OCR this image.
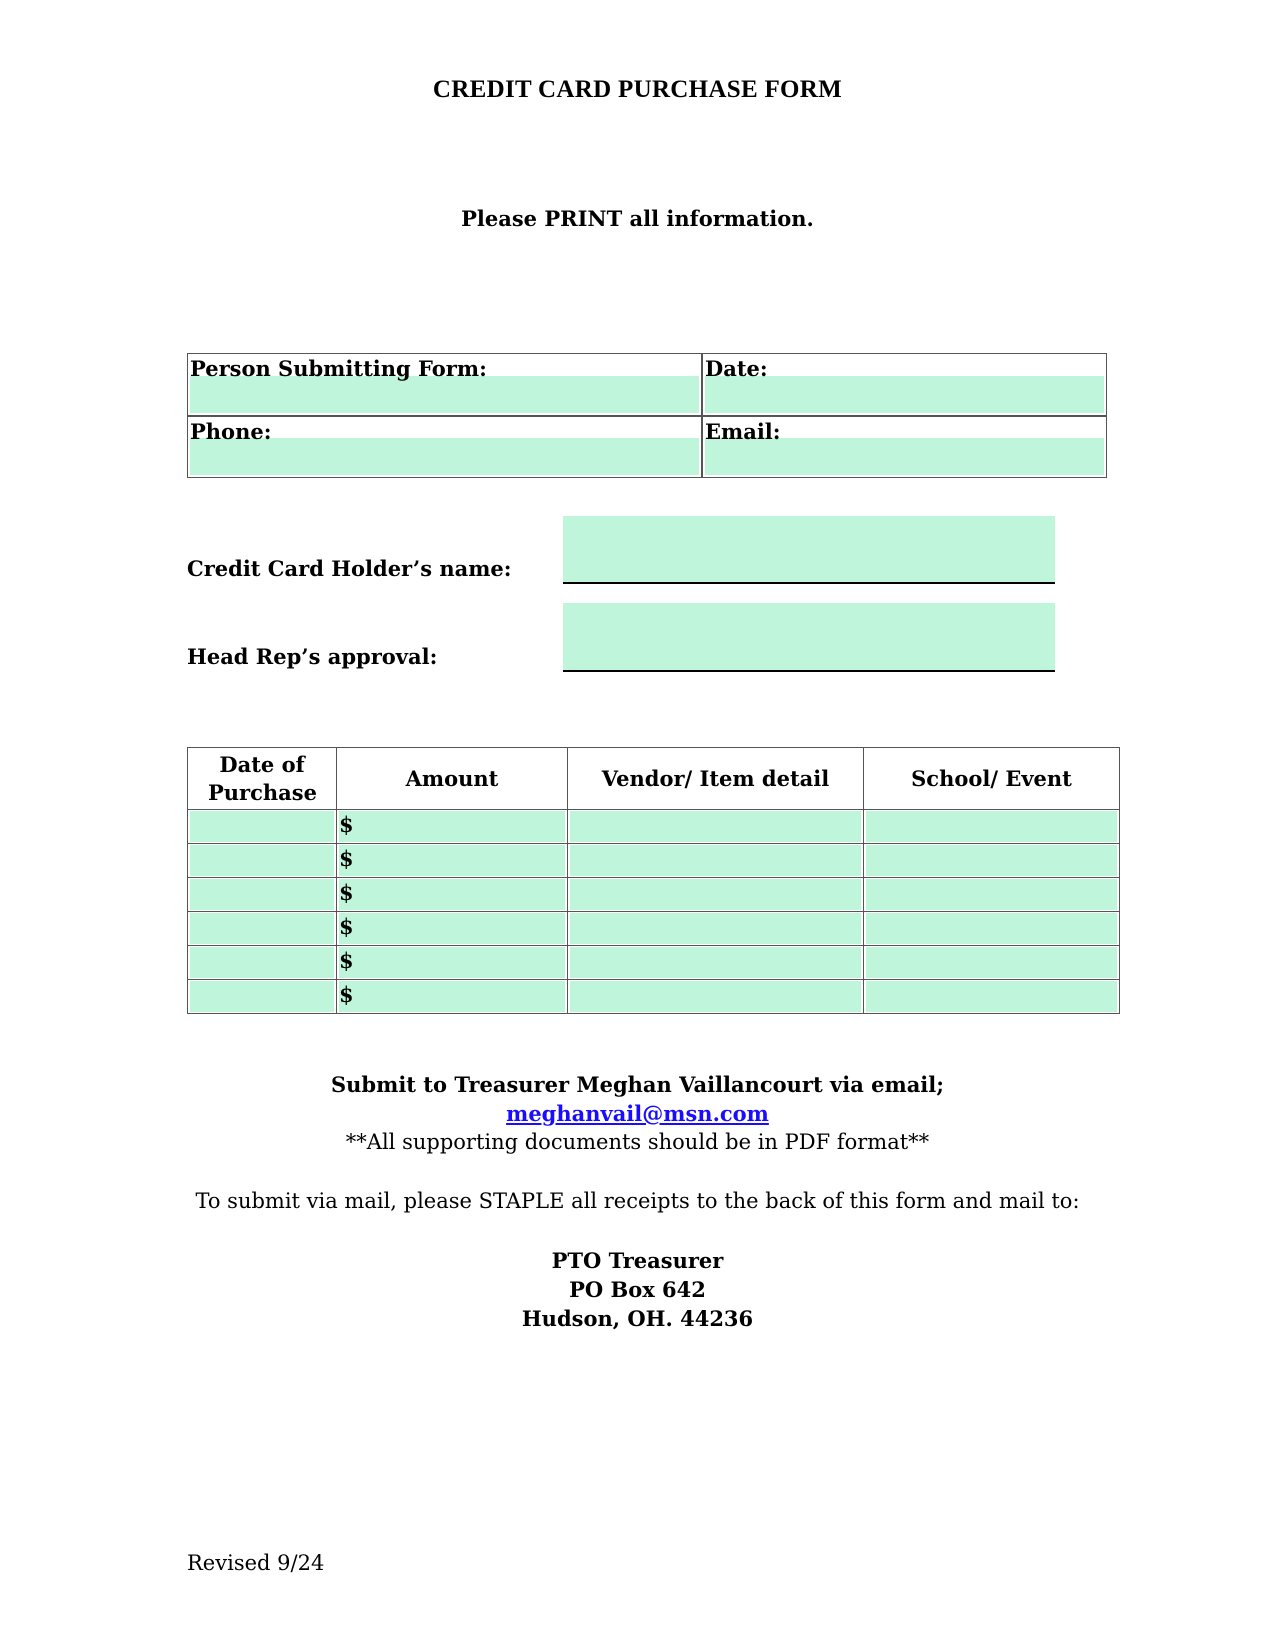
CREDIT CARD PURCHASE FORM
Please PRINT all information.
Person Submitting Form:	Date:
Phone:	Email:
Credit Card Holder’s name:
Head Rep’s approval:
Date of Purchase	Amount	Vendor/ Item detail	School/ Event

	$		

	$		

	$		

	$		

	$		

	$		

Submit to Treasurer Meghan Vaillancourt via email;
meghanvail@msn.com
**All supporting documents should be in PDF format**
To submit via mail, please STAPLE all receipts to the back of this form and mail to:
PTO Treasurer
PO Box 642
Hudson, OH. 44236
Revised 9/24
